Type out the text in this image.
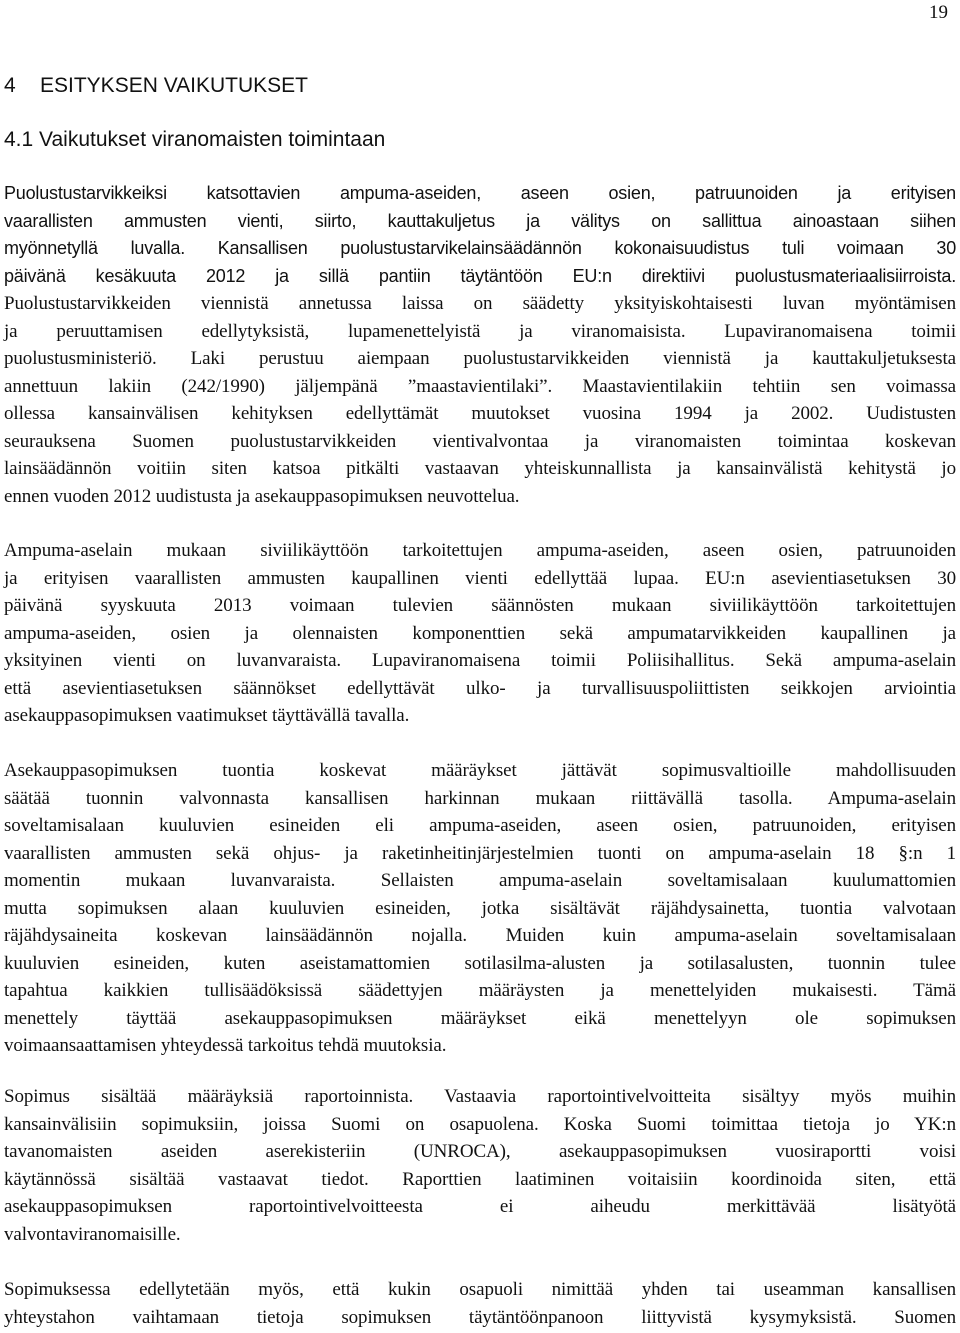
19
4 ESITYKSEN VAIKUTUKSET
4.1 Vaikutukset viranomaisten toimintaan
Puolustustarvikkeiksi katsottavien ampuma-aseiden, aseen osien, patruunoiden ja erityisen
vaarallisten ammusten vienti, siirto, kauttakuljetus ja välitys on sallittua ainoastaan siihen
myönnetyllä luvalla. Kansallisen puolustustarvikelainsäädännön kokonaisuudistus tuli voimaan 30
päivänä kesäkuuta 2012 ja sillä pantiin täytäntöön EU:n direktiivi puolustusmateriaalisiirroista.
Puolustustarvikkeiden viennistä annetussa laissa on säädetty yksityiskohtaisesti luvan myöntämisen
ja peruuttamisen edellytyksistä, lupamenettelyistä ja viranomaisista. Lupaviranomaisena toimii
puolustusministeriö. Laki perustuu aiempaan puolustustarvikkeiden viennistä ja kauttakuljetuksesta
annettuun lakiin (242/1990) jäljempänä ”maastavientilaki”. Maastavientilakiin tehtiin sen voimassa
ollessa kansainvälisen kehityksen edellyttämät muutokset vuosina 1994 ja 2002. Uudistusten
seurauksena Suomen puolustustarvikkeiden vientivalvontaa ja viranomaisten toimintaa koskevan
lainsäädännön voitiin siten katsoa pitkälti vastaavan yhteiskunnallista ja kansainvälistä kehitystä jo
ennen vuoden 2012 uudistusta ja asekauppasopimuksen neuvottelua.
Ampuma-aselain mukaan siviilikäyttöön tarkoitettujen ampuma-aseiden, aseen osien, patruunoiden
ja erityisen vaarallisten ammusten kaupallinen vienti edellyttää lupaa. EU:n asevientiasetuksen 30
päivänä syyskuuta 2013 voimaan tulevien säännösten mukaan siviilikäyttöön tarkoitettujen
ampuma-aseiden, osien ja olennaisten komponenttien sekä ampumatarvikkeiden kaupallinen ja
yksityinen vienti on luvanvaraista. Lupaviranomaisena toimii Poliisihallitus. Sekä ampuma-aselain
että asevientiasetuksen säännökset edellyttävät ulko- ja turvallisuuspoliittisten seikkojen arviointia
asekauppasopimuksen vaatimukset täyttävällä tavalla.
Asekauppasopimuksen tuontia koskevat määräykset jättävät sopimusvaltioille mahdollisuuden
säätää tuonnin valvonnasta kansallisen harkinnan mukaan riittävällä tasolla. Ampuma-aselain
soveltamisalaan kuuluvien esineiden eli ampuma-aseiden, aseen osien, patruunoiden, erityisen
vaarallisten ammusten sekä ohjus- ja raketinheitinjärjestelmien tuonti on ampuma-aselain 18 §:n 1
momentin mukaan luvanvaraista. Sellaisten ampuma-aselain soveltamisalaan kuulumattomien
mutta sopimuksen alaan kuuluvien esineiden, jotka sisältävät räjähdysainetta, tuontia valvotaan
räjähdysaineita koskevan lainsäädännön nojalla. Muiden kuin ampuma-aselain soveltamisalaan
kuuluvien esineiden, kuten aseistamattomien sotilasilma-alusten ja sotilasalusten, tuonnin tulee
tapahtua kaikkien tullisäädöksissä säädettyjen määräysten ja menettelyiden mukaisesti. Tämä
menettely täyttää asekauppasopimuksen määräykset eikä menettelyyn ole sopimuksen
voimaansaattamisen yhteydessä tarkoitus tehdä muutoksia.
Sopimus sisältää määräyksiä raportoinnista. Vastaavia raportointivelvoitteita sisältyy myös muihin
kansainvälisiin sopimuksiin, joissa Suomi on osapuolena. Koska Suomi toimittaa tietoja jo YK:n
tavanomaisten aseiden aserekisteriin (UNROCA), asekauppasopimuksen vuosiraportti voisi
käytännössä sisältää vastaavat tiedot. Raporttien laatiminen voitaisiin koordinoida siten, että
asekauppasopimuksen raportointivelvoitteesta ei aiheudu merkittävää lisätyötä
valvontaviranomaisille.
Sopimuksessa edellytetään myös, että kukin osapuoli nimittää yhden tai useamman kansallisen
yhteystahon vaihtamaan tietoja sopimuksen täytäntöönpanoon liittyvistä kysymyksistä. Suomen
